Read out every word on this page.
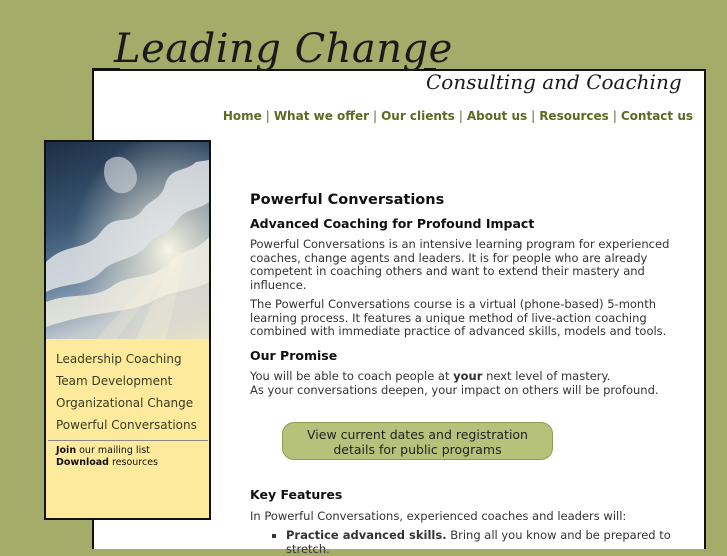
Leading Change
Consulting and Coaching
Home | What we offer | Our clients | About us | Resources | Contact us
Leadership Coaching
Team Development
Organizational Change
Powerful Conversations
Join our mailing list
Download resources
Powerful Conversations
Advanced Coaching for Profound Impact

Powerful Conversations is an intensive learning program for experienced coaches, change agents and leaders. It is for people who are already competent in coaching others and want to extend their mastery and influence.

The Powerful Conversations course is a virtual (phone-based) 5-month learning process. It features a unique method of live-action coaching combined with immediate practice of advanced skills, models and tools.

Our Promise

You will be able to coach people at your next level of mastery.
As your conversations deepen, your impact on others will be profound.

View current dates and registration
details for public programs
Key Features

In Powerful Conversations, experienced coaches and leaders will:

Practice advanced skills. Bring all you know and be prepared to stretch.
